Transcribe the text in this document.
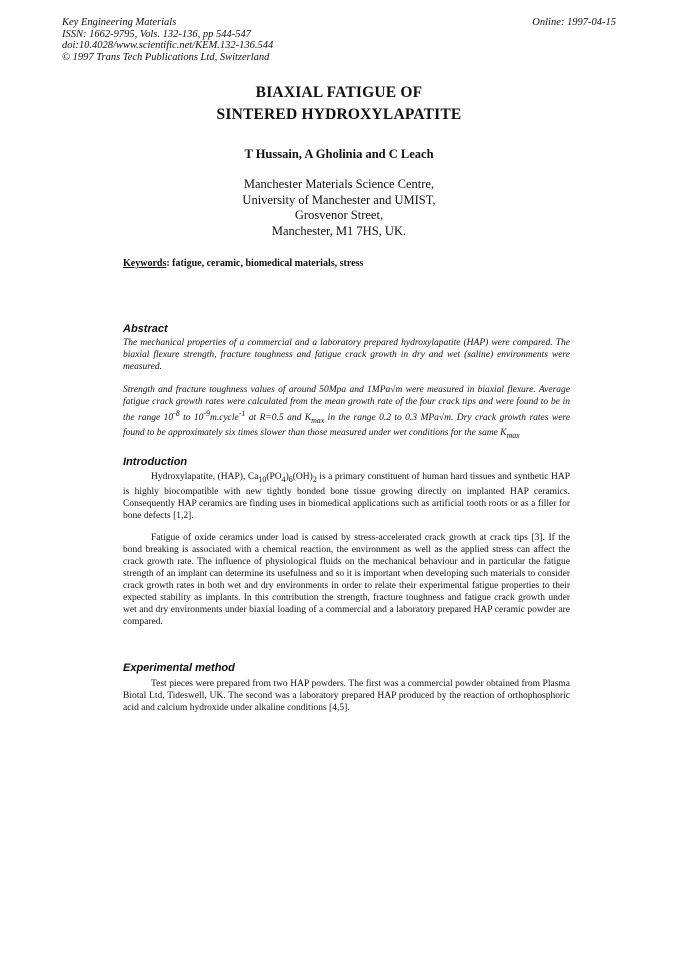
Key Engineering Materials
ISSN: 1662-9795, Vols. 132-136, pp 544-547
doi:10.4028/www.scientific.net/KEM.132-136.544
© 1997 Trans Tech Publications Ltd, Switzerland
Online: 1997-04-15
BIAXIAL FATIGUE OF
SINTERED HYDROXYLAPATITE
T Hussain, A Gholinia and C Leach
Manchester Materials Science Centre,
University of Manchester and UMIST,
Grosvenor Street,
Manchester, M1 7HS, UK.
Keywords: fatigue, ceramic, biomedical materials, stress
Abstract
The mechanical properties of a commercial and a laboratory prepared hydroxylapatite (HAP) were compared. The biaxial flexure strength, fracture toughness and fatigue crack growth in dry and wet (saline) environments were measured.
Strength and fracture toughness values of around 50Mpa and 1MPa√m were measured in biaxial flexure. Average fatigue crack growth rates were calculated from the mean growth rate of the four crack tips and were found to be in the range $10^{-8}$ to $10^{-9}m.cycle^{-1}$ at R=0.5 and $K_{max}$ in the range 0.2 to 0.3 MPa√m. Dry crack growth rates were found to be approximately six times slower than those measured under wet conditions for the same $K_{max}$
Introduction
Hydroxylapatite, (HAP), $Ca_{10}(PO_4)_6(OH)_2$ is a primary constituent of human hard tissues and synthetic HAP is highly biocompatible with new tightly bonded bone tissue growing directly on implanted HAP ceramics. Consequently HAP ceramics are finding uses in biomedical applications such as artificial tooth roots or as a filler for bone defects [1,2].
Fatigue of oxide ceramics under load is caused by stress-accelerated crack growth at crack tips [3]. If the bond breaking is associated with a chemical reaction, the environment as well as the applied stress can affect the crack growth rate. The influence of physiological fluids on the mechanical behaviour and in particular the fatigue strength of an implant can determine its usefulness and so it is important when developing such materials to consider crack growth rates in both wet and dry environments in order to relate their experimental fatigue properties to their expected stability as implants. In this contribution the strength, fracture toughness and fatigue crack growth under wet and dry environments under biaxial loading of a commercial and a laboratory prepared HAP ceramic powder are compared.
Experimental method
Test pieces were prepared from two HAP powders. The first was a commercial powder obtained from Plasma Biotal Ltd, Tideswell, UK. The second was a laboratory prepared HAP produced by the reaction of orthophosphoric acid and calcium hydroxide under alkaline conditions [4,5].
